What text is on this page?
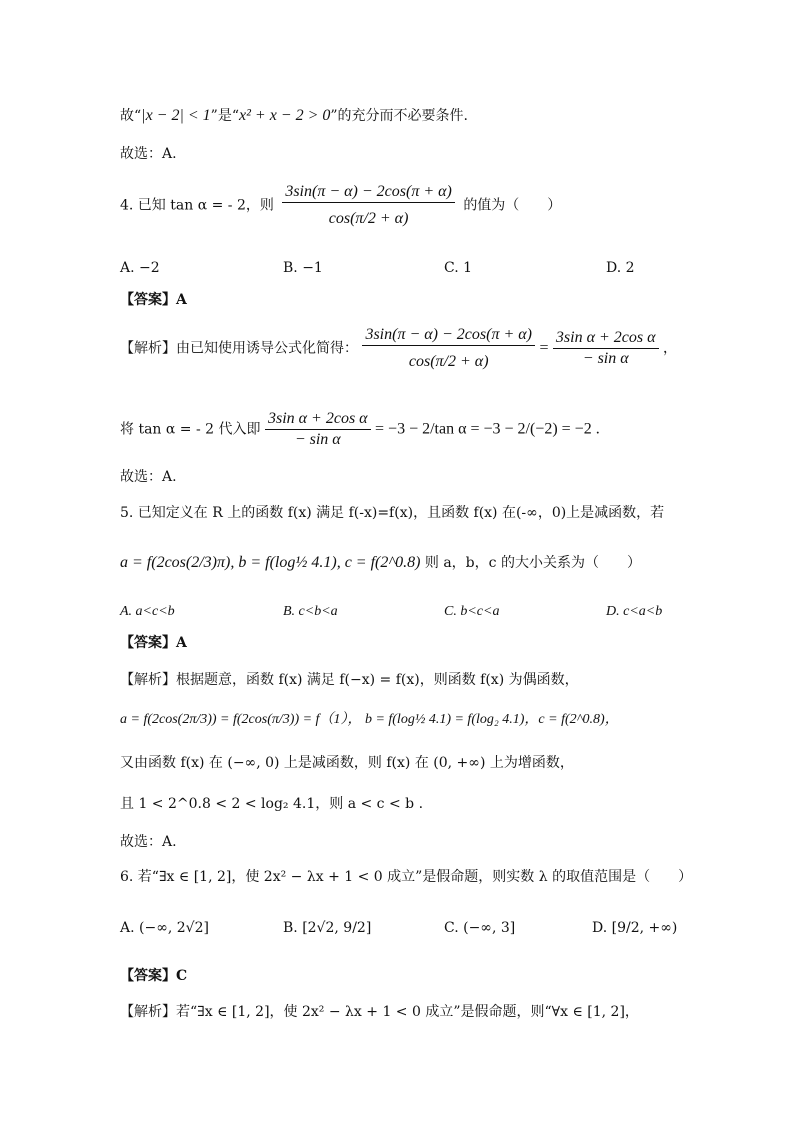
故“|x − 2| < 1”是“x² + x − 2 > 0”的充分而不必要条件.
故选：A.
4. 已知 tan α = - 2，则 $\frac{3\sin(\pi - \alpha) - 2\cos(\pi + \alpha)}{\cos(\pi/2 + \alpha)}$ 的值为（　　）
A. −2	B. −1	C. 1	D. 2
【答案】A
【解析】由已知使用诱导公式化简得： $\frac{3\sin(\pi - \alpha) - 2\cos(\pi + \alpha)}{\cos(\pi/2 + \alpha)} = \frac{\text{3sin α + 2cos α}}{\text{− sin α}}$ ，
将 tan α = - 2 代入即 $\frac{\text{3sin α + 2cos α}}{\text{− sin α}} = -3 - 2/\tan$ α = −3 − 2/(−2) = −2 .
故选：A.
5. 已知定义在 R 上的函数 f(x) 满足 f(-x)=f(x)，且函数 f(x) 在(-∞，0)上是减函数，若
a = f(2cos(2/3)π), b = f(log½ 4.1), c = f(2^0.8) 则 a，b，c 的大小关系为（　　）
A. a<c<b	B. c<b<a	C. b<c<a	D. c<a<b
【答案】A
【解析】根据题意，函数 f(x) 满足 f(−x) = f(x)，则函数 f(x) 为偶函数，
a = f(2cos(2π/3)) = f(2cos(π/3)) = f（1）， b = f(log½ 4.1) = f(log₂ 4.1)，c = f(2^0.8)，
又由函数 f(x) 在 (−∞, 0) 上是减函数，则 f(x) 在 (0, +∞) 上为增函数，
且 1 < 2^0.8 < 2 < log₂ 4.1，则 a < c < b .
故选：A.
6. 若“∃x ∈ [1, 2]，使 2x² − λx + 1 < 0 成立”是假命题，则实数 λ 的取值范围是（　　）
A. (−∞, 2√2]	B. [2√2, 9/2]	C. (−∞, 3]	D. [9/2, +∞)
【答案】C
【解析】若“∃x ∈ [1, 2]，使 2x² − λx + 1 < 0 成立”是假命题，则“∀x ∈ [1, 2]，
